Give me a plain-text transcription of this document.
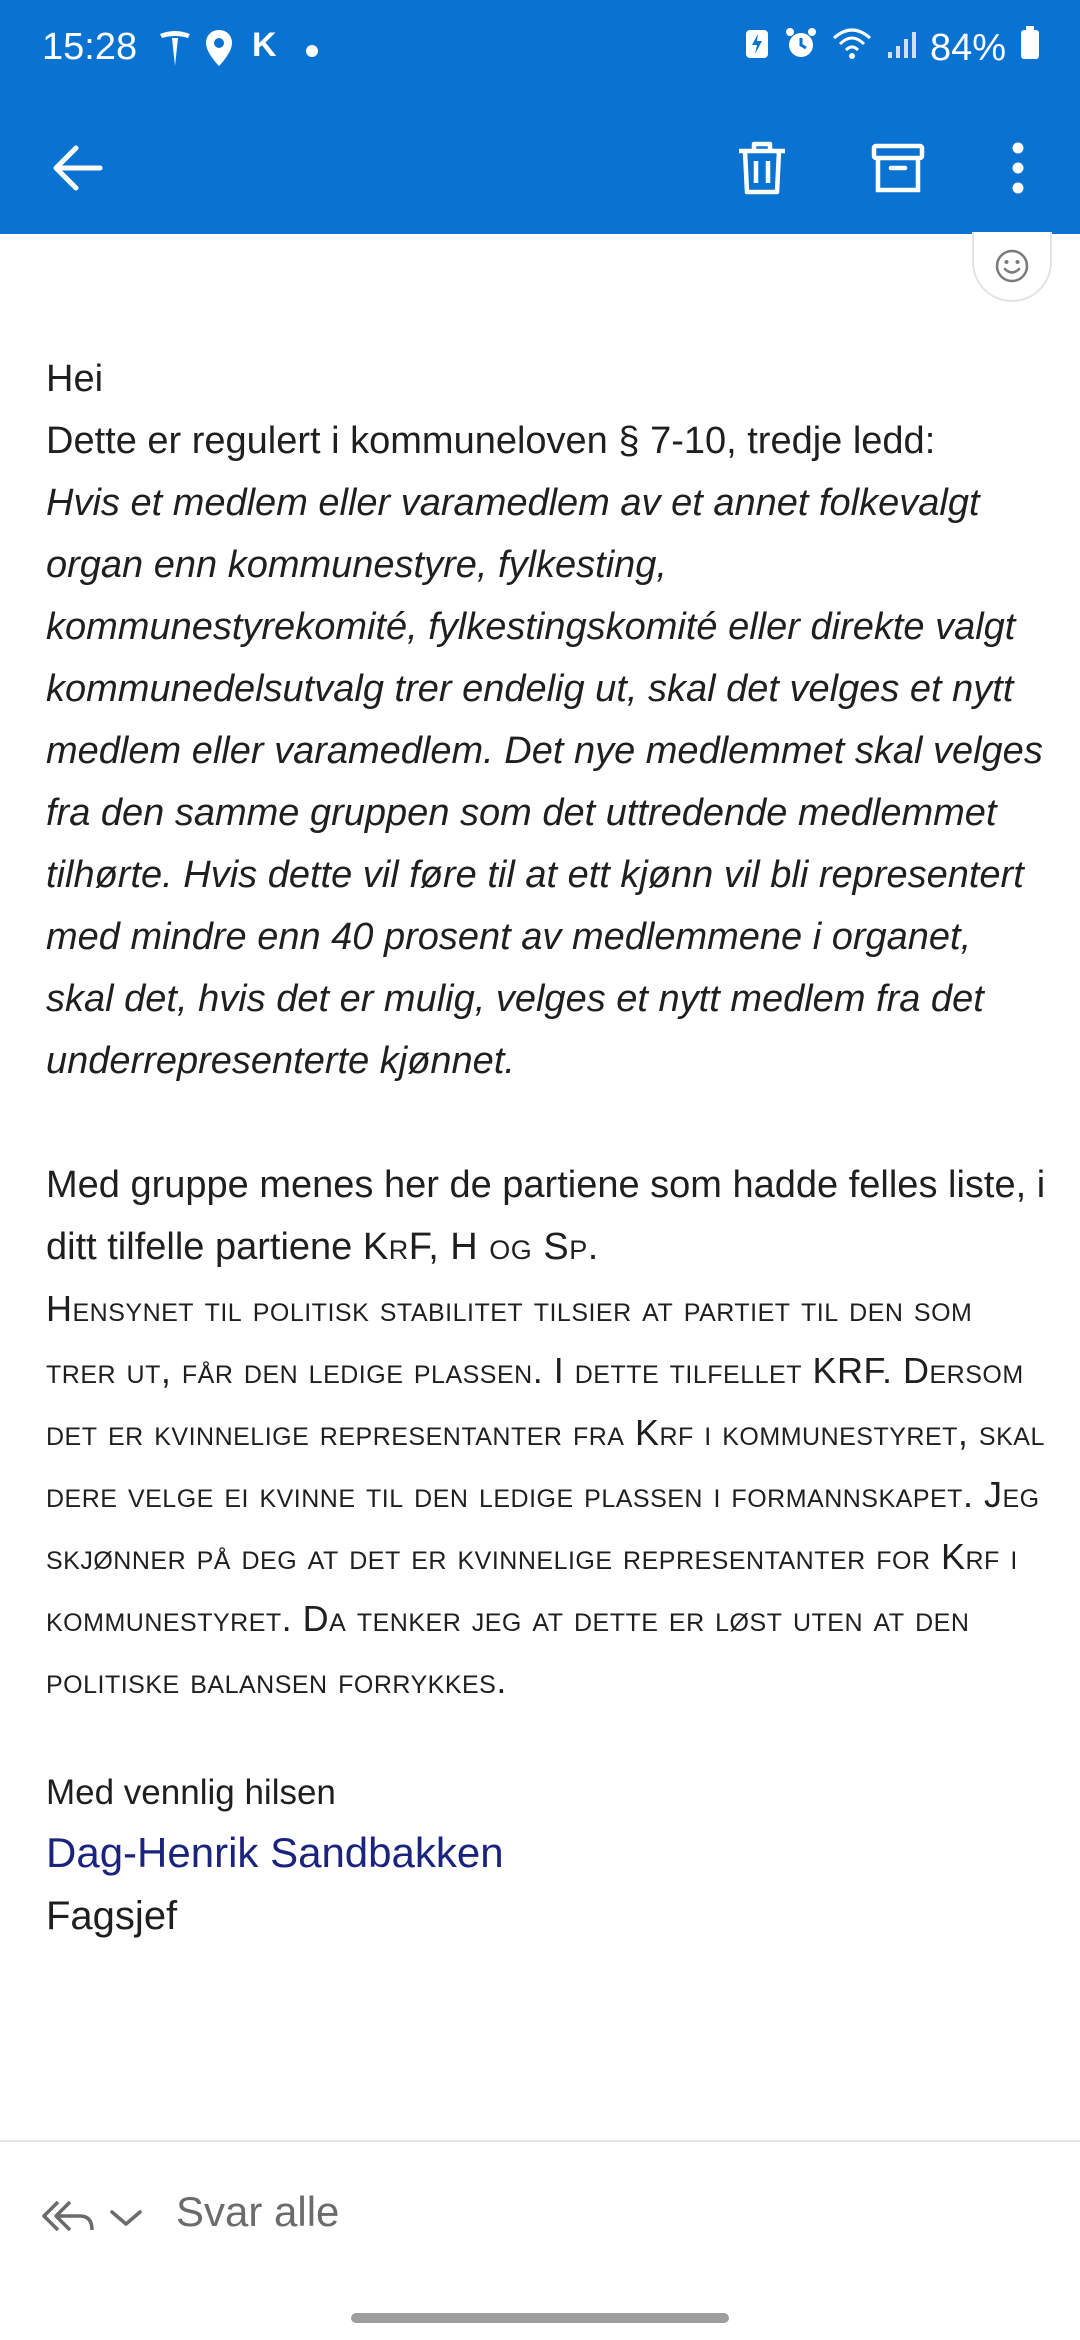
15:28	K	84%

Hei

Dette er regulert i kommuneloven § 7-10, tredje ledd:

Hvis et medlem eller varamedlem av et annet folkevalgt organ enn kommunestyre, fylkesting, kommunestyrekomité, fylkestingskomité eller direkte valgt kommunedelsutvalg trer endelig ut, skal det velges et nytt medlem eller varamedlem. Det nye medlemmet skal velges fra den samme gruppen som det uttredende medlemmet tilhørte. Hvis dette vil føre til at ett kjønn vil bli representert med mindre enn 40 prosent av medlemmene i organet, skal det, hvis det er mulig, velges et nytt medlem fra det underrepresenterte kjønnet.

Med gruppe menes her de partiene som hadde felles liste, i ditt tilfelle partiene KrF, H og Sp.

Hensynet til politisk stabilitet tilsier at partiet til den som trer ut, får den ledige plassen. I dette tilfellet KRF. Dersom det er kvinnelige representanter fra Krf i kommunestyret, skal dere velge ei kvinne til den ledige plassen i formannskapet. Jeg skjønner på deg at det er kvinnelige representanter for Krf i kommunestyret. Da tenker jeg at dette er løst uten at den politiske balansen forrykkes.

Med vennlig hilsen

Dag-Henrik Sandbakken

Fagsjef

Svar alle
